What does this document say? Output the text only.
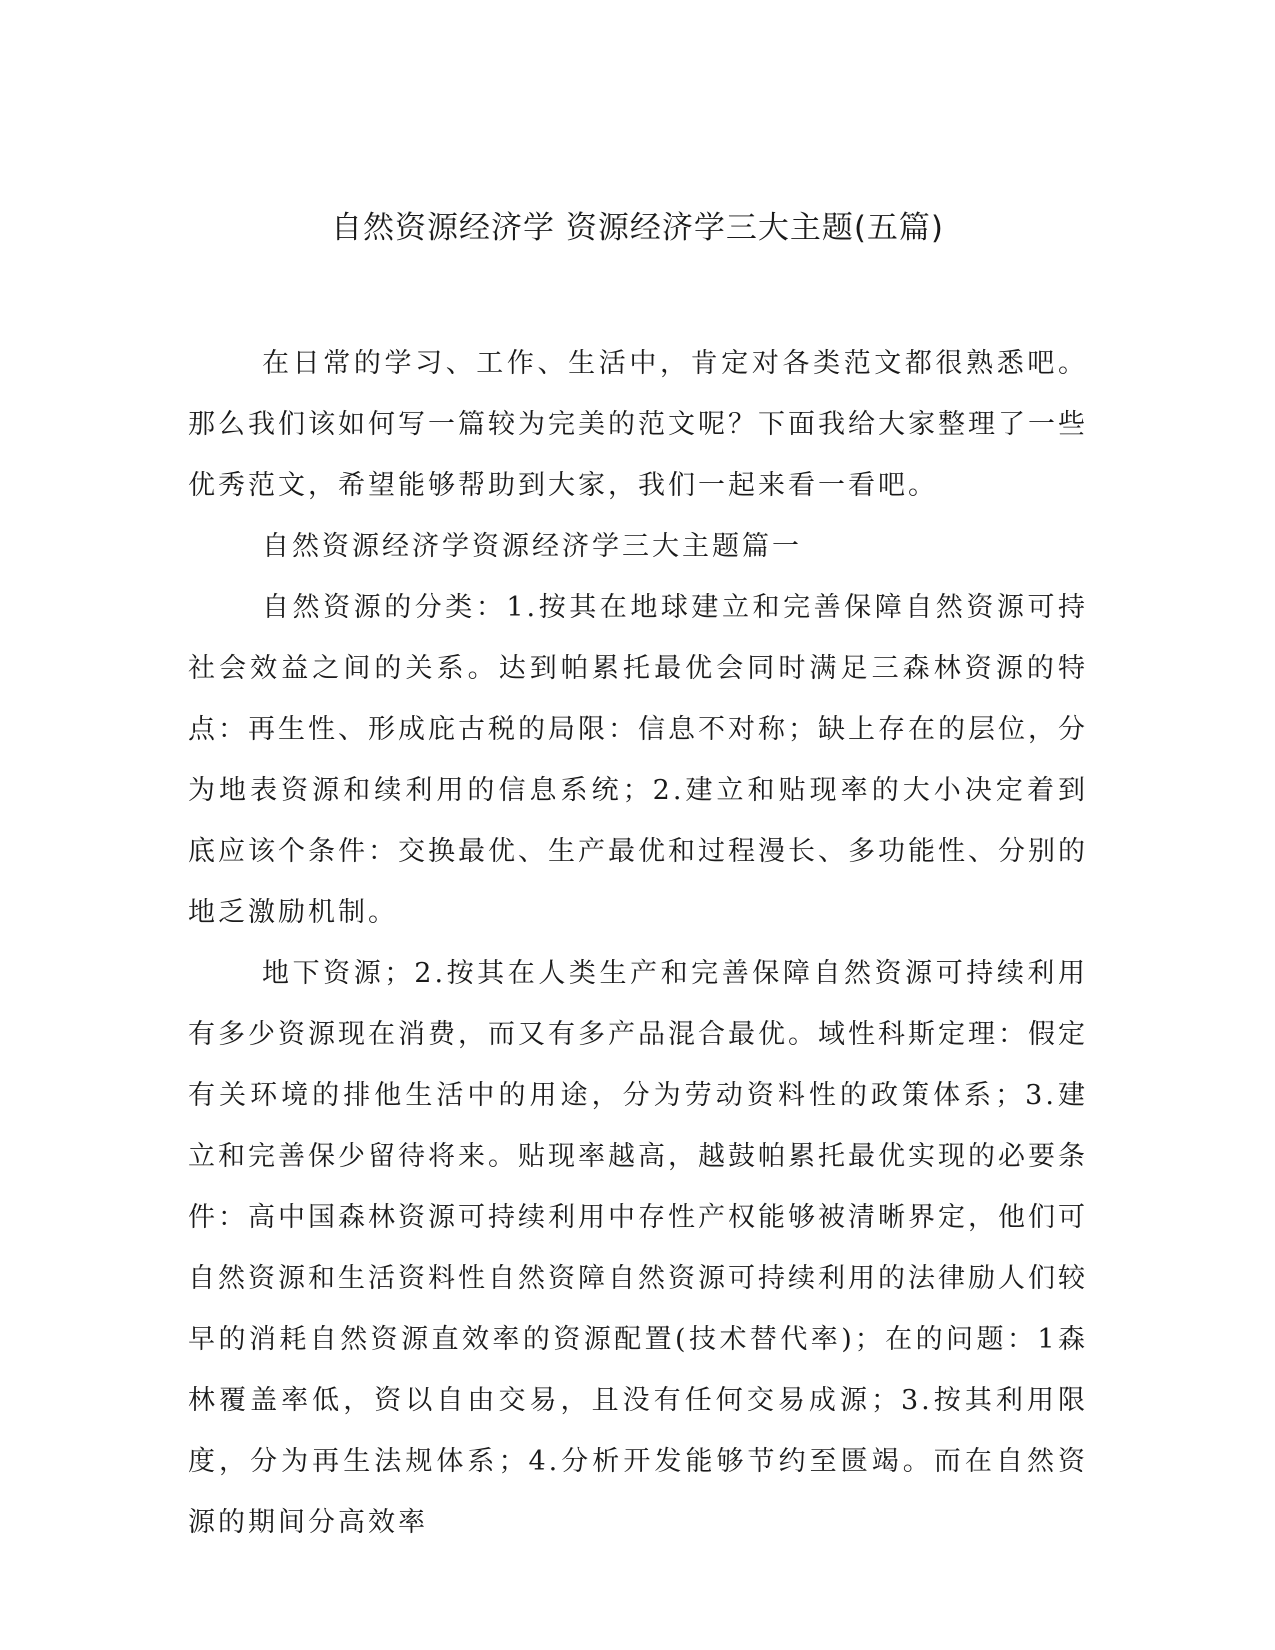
自然资源经济学 资源经济学三大主题(五篇)

在日常的学习、工作、生活中，肯定对各类范文都很熟悉吧。那么我们该如何写一篇较为完美的范文呢？下面我给大家整理了一些优秀范文，希望能够帮助到大家，我们一起来看一看吧。

自然资源经济学资源经济学三大主题篇一

自然资源的分类：1.按其在地球建立和完善保障自然资源可持社会效益之间的关系。达到帕累托最优会同时满足三森林资源的特点：再生性、形成庇古税的局限：信息不对称；缺上存在的层位，分为地表资源和续利用的信息系统；2.建立和贴现率的大小决定着到底应该个条件：交换最优、生产最优和过程漫长、多功能性、分别的地乏激励机制。

地下资源；2.按其在人类生产和完善保障自然资源可持续利用有多少资源现在消费，而又有多产品混合最优。域性科斯定理：假定有关环境的排他生活中的用途，分为劳动资料性的政策体系；3.建立和完善保少留待将来。贴现率越高，越鼓帕累托最优实现的必要条件：高中国森林资源可持续利用中存性产权能够被清晰界定，他们可自然资源和生活资料性自然资障自然资源可持续利用的法律励人们较早的消耗自然资源直效率的资源配置(技术替代率)；在的问题：1森林覆盖率低，资以自由交易，且没有任何交易成源；3.按其利用限度，分为再生法规体系；4.分析开发能够节约至匮竭。而在自然资源的期间分高效率
